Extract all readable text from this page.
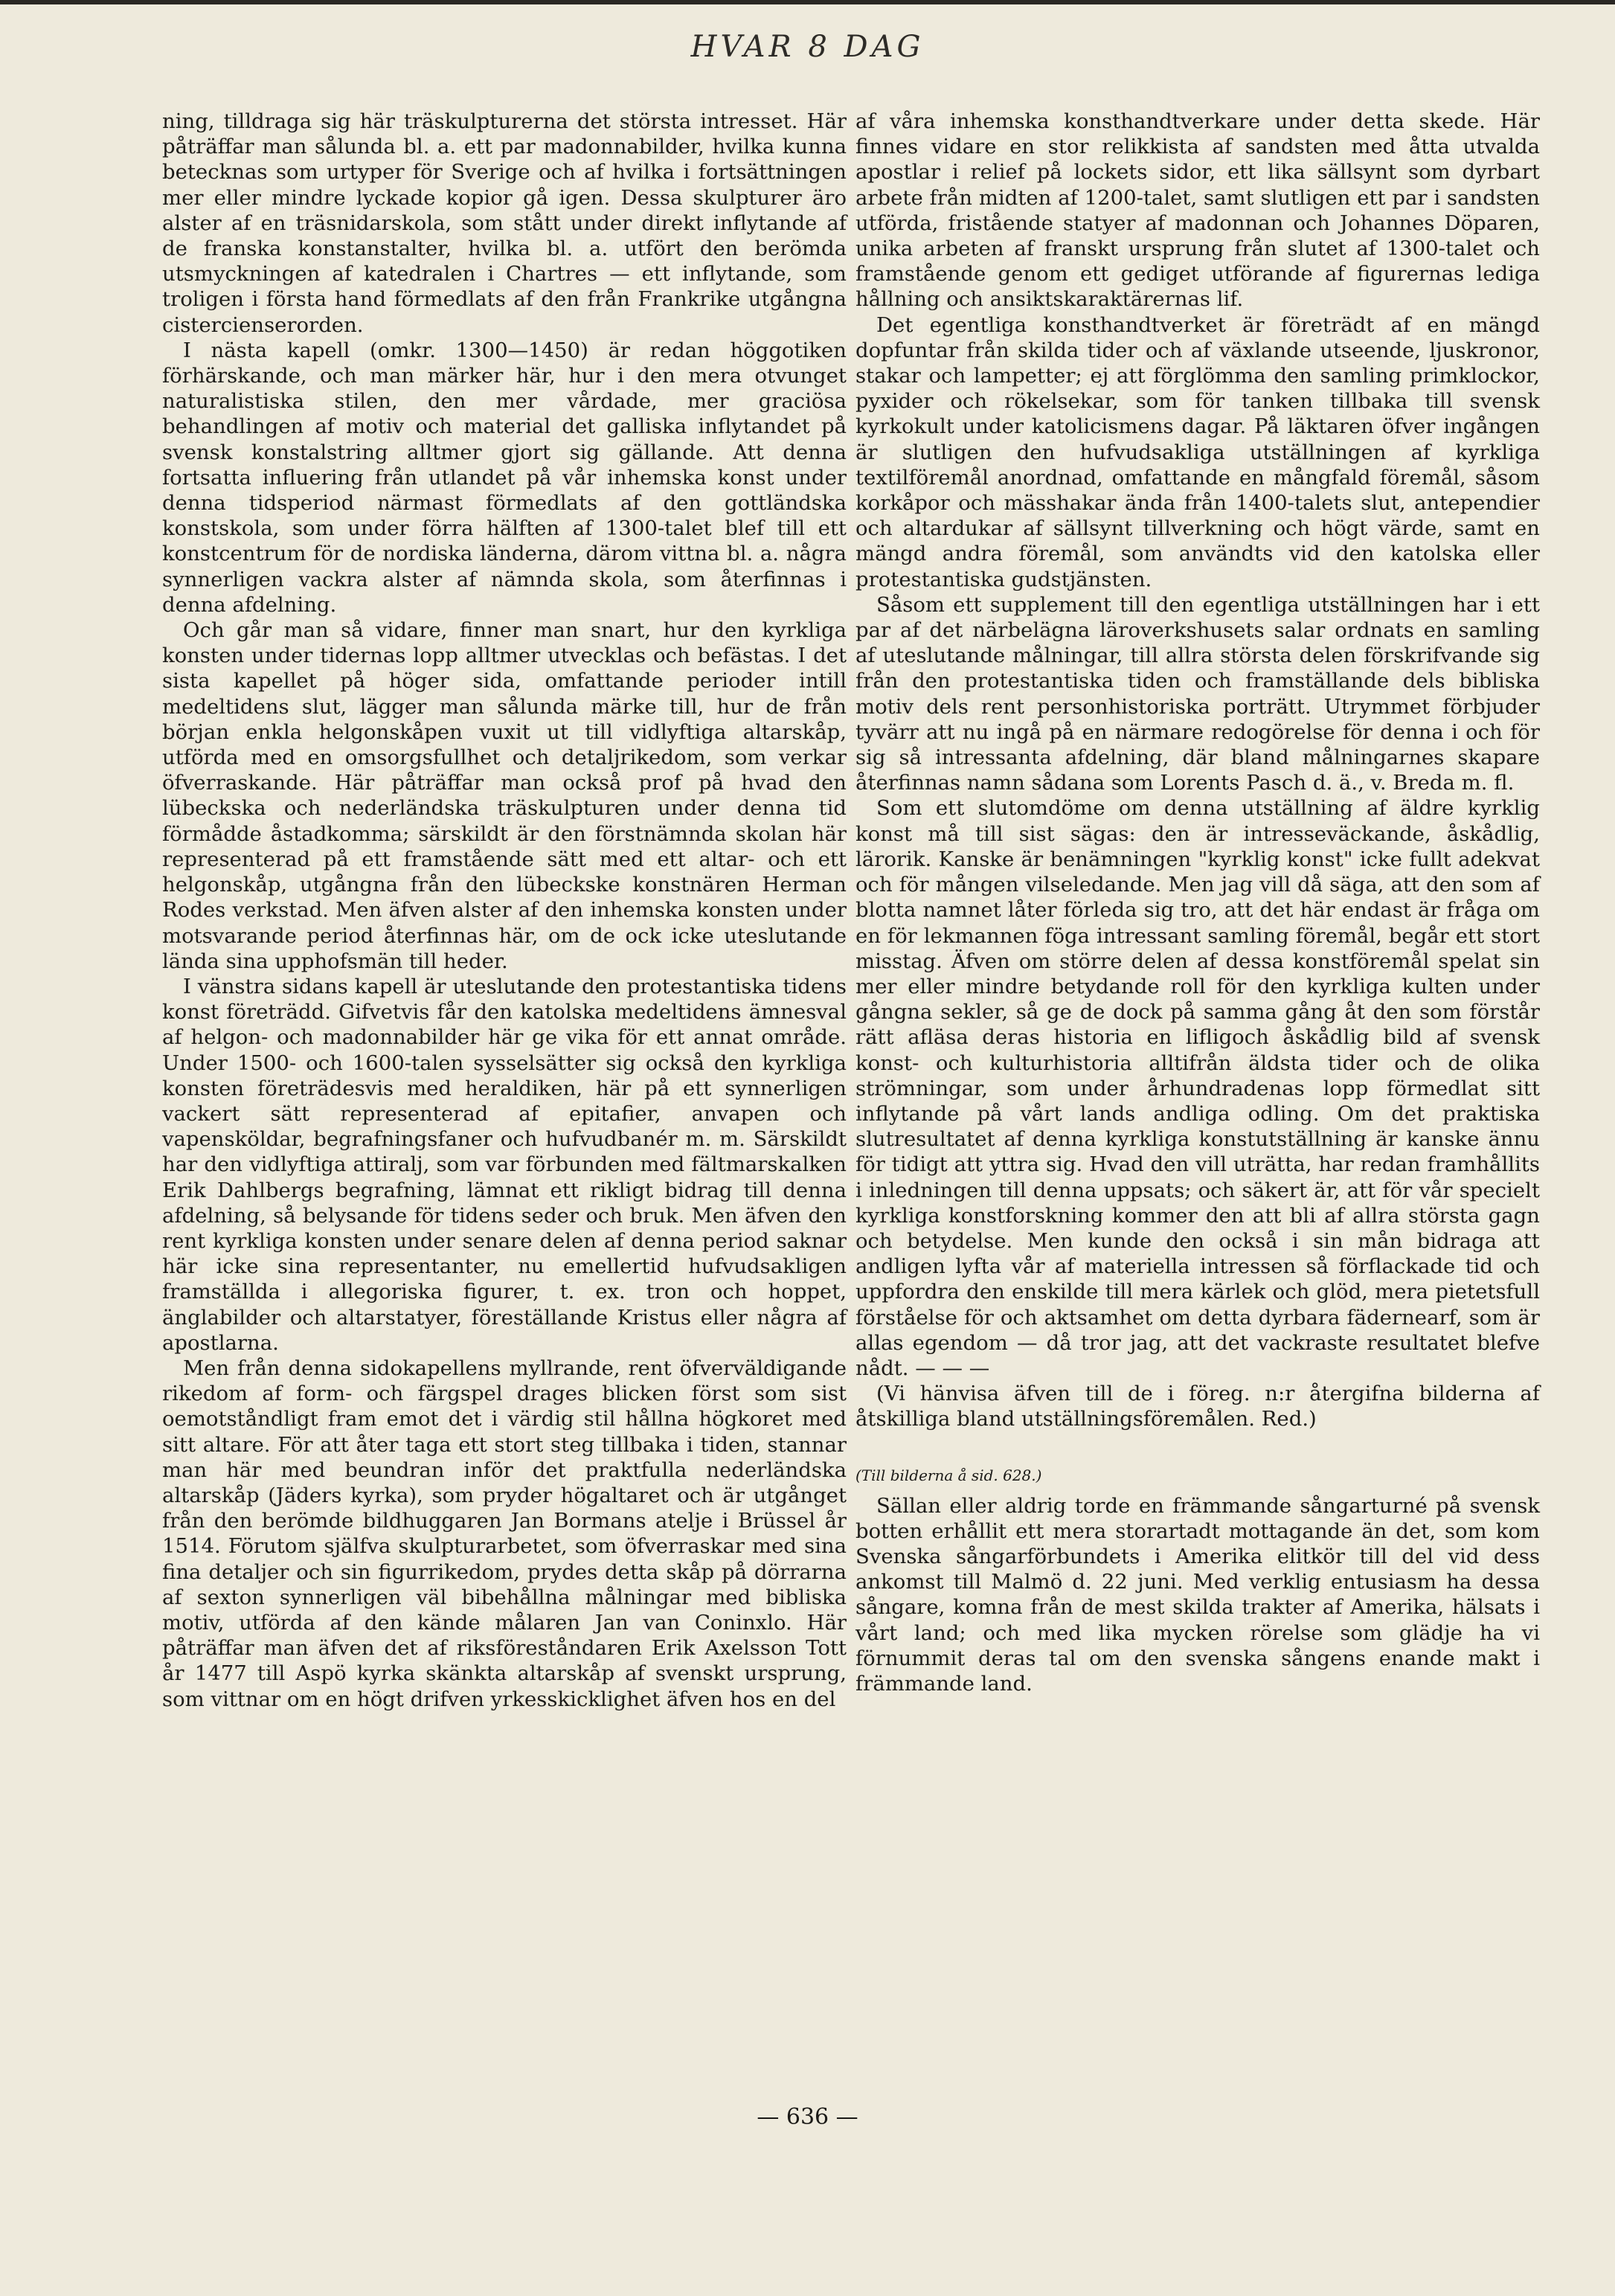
HVAR 8 DAG

ning, tilldraga sig här träskulpturerna det största intresset. Här påträffar man sålunda bl. a. ett par madonnabilder, hvilka kunna betecknas som urtyper för Sverige och af hvilka i fortsättningen mer eller mindre lyckade kopior gå igen. Dessa skulpturer äro alster af en träsnidarskola, som stått under direkt inflytande af de franska konstanstalter, hvilka bl. a. utfört den berömda utsmyckningen af katedralen i Chartres — ett inflytande, som troligen i första hand förmedlats af den från Frankrike utgångna cistercienserorden.

I nästa kapell (omkr. 1300—1450) är redan höggotiken förhärskande, och man märker här, hur i den mera otvunget naturalistiska stilen, den mer vårdade, mer graciösa behandlingen af motiv och material det galliska inflytandet på svensk konstalstring alltmer gjort sig gällande. Att denna fortsatta influering från utlandet på vår inhemska konst under denna tidsperiod närmast förmedlats af den gottländska konstskola, som under förra hälften af 1300-talet blef till ett konstcentrum för de nordiska länderna, därom vittna bl. a. några synnerligen vackra alster af nämnda skola, som återfinnas i denna afdelning.

Och går man så vidare, finner man snart, hur den kyrkliga konsten under tidernas lopp alltmer utvecklas och befästas. I det sista kapellet på höger sida, omfattande perioder intill medeltidens slut, lägger man sålunda märke till, hur de från början enkla helgonskåpen vuxit ut till vidlyftiga altarskåp, utförda med en omsorgsfullhet och detaljrikedom, som verkar öfverraskande. Här påträffar man också prof på hvad den lübeckska och nederländska träskulpturen under denna tid förmådde åstadkomma; särskildt är den förstnämnda skolan här representerad på ett framstående sätt med ett altar- och ett helgonskåp, utgångna från den lübeckske konstnären Herman Rodes verkstad. Men äfven alster af den inhemska konsten under motsvarande period återfinnas här, om de ock icke uteslutande lända sina upphofsmän till heder.

I vänstra sidans kapell är uteslutande den protestantiska tidens konst företrädd. Gifvetvis får den katolska medeltidens ämnesval af helgon- och madonnabilder här ge vika för ett annat område. Under 1500- och 1600-talen sysselsätter sig också den kyrkliga konsten företrädesvis med heraldiken, här på ett synnerligen vackert sätt representerad af epitafier, anvapen och vapensköldar, begrafningsfaner och hufvudbanér m. m. Särskildt har den vidlyftiga attiralj, som var förbunden med fältmarskalken Erik Dahlbergs begrafning, lämnat ett rikligt bidrag till denna afdelning, så belysande för tidens seder och bruk. Men äfven den rent kyrkliga konsten under senare delen af denna period saknar här icke sina representanter, nu emellertid hufvudsakligen framställda i allegoriska figurer, t. ex. tron och hoppet, änglabilder och altarstatyer, föreställande Kristus eller några af apostlarna.

Men från denna sidokapellens myllrande, rent öfverväldigande rikedom af form- och färgspel drages blicken först som sist oemotståndligt fram emot det i värdig stil hållna högkoret med sitt altare. För att åter taga ett stort steg tillbaka i tiden, stannar man här med beundran inför det praktfulla nederländska altarskåp (Jäders kyrka), som pryder högaltaret och är utgånget från den berömde bildhuggaren Jan Bormans atelje i Brüssel år 1514. Förutom själfva skulpturarbetet, som öfverraskar med sina fina detaljer och sin figurrikedom, prydes detta skåp på dörrarna af sexton synnerligen väl bibehållna målningar med bibliska motiv, utförda af den kände målaren Jan van Coninxlo. Här påträffar man äfven det af riksföreståndaren Erik Axelsson Tott år 1477 till Aspö kyrka skänkta altarskåp af svenskt ursprung, som vittnar om en högt drifven yrkesskicklighet äfven hos en del

af våra inhemska konsthandtverkare under detta skede. Här finnes vidare en stor relikkista af sandsten med åtta utvalda apostlar i relief på lockets sidor, ett lika sällsynt som dyrbart arbete från midten af 1200-talet, samt slutligen ett par i sandsten utförda, fristående statyer af madonnan och Johannes Döparen, unika arbeten af franskt ursprung från slutet af 1300-talet och framstående genom ett gediget utförande af figurernas lediga hållning och ansiktskaraktärernas lif.

Det egentliga konsthandtverket är företrädt af en mängd dopfuntar från skilda tider och af växlande utseende, ljuskronor, stakar och lampetter; ej att förglömma den samling primklockor, pyxider och rökelsekar, som för tanken tillbaka till svensk kyrkokult under katolicismens dagar. På läktaren öfver ingången är slutligen den hufvudsakliga utställningen af kyrkliga textilföremål anordnad, omfattande en mångfald föremål, såsom korkåpor och mässhakar ända från 1400-talets slut, antependier och altardukar af sällsynt tillverkning och högt värde, samt en mängd andra föremål, som användts vid den katolska eller protestantiska gudstjänsten.

Såsom ett supplement till den egentliga utställningen har i ett par af det närbelägna läroverkshusets salar ordnats en samling af uteslutande målningar, till allra största delen förskrifvande sig från den protestantiska tiden och framställande dels bibliska motiv dels rent personhistoriska porträtt. Utrymmet förbjuder tyvärr att nu ingå på en närmare redogörelse för denna i och för sig så intressanta afdelning, där bland målningarnes skapare återfinnas namn sådana som Lorents Pasch d. ä., v. Breda m. fl.

Som ett slutomdöme om denna utställning af äldre kyrklig konst må till sist sägas: den är intresseväckande, åskådlig, lärorik. Kanske är benämningen "kyrklig konst" icke fullt adekvat och för mången vilseledande. Men jag vill då säga, att den som af blotta namnet låter förleda sig tro, att det här endast är fråga om en för lekmannen föga intressant samling föremål, begår ett stort misstag. Äfven om större delen af dessa konstföremål spelat sin mer eller mindre betydande roll för den kyrkliga kulten under gångna sekler, så ge de dock på samma gång åt den som förstår rätt afläsa deras historia en lifligoch åskådlig bild af svensk konst- och kulturhistoria alltifrån äldsta tider och de olika strömningar, som under århundradenas lopp förmedlat sitt inflytande på vårt lands andliga odling. Om det praktiska slutresultatet af denna kyrkliga konstutställning är kanske ännu för tidigt att yttra sig. Hvad den vill uträtta, har redan framhållits i inledningen till denna uppsats; och säkert är, att för vår specielt kyrkliga konstforskning kommer den att bli af allra största gagn och betydelse. Men kunde den också i sin mån bidraga att andligen lyfta vår af materiella intressen så förflackade tid och uppfordra den enskilde till mera kärlek och glöd, mera pietetsfull förståelse för och aktsamhet om detta dyrbara fädernearf, som är allas egendom — då tror jag, att det vackraste resultatet blefve nådt. — — —

(Vi hänvisa äfven till de i föreg. n:r återgifna bilderna af åtskilliga bland utställningsföremålen. Red.)

(Till bilderna å sid. 628.)

Sällan eller aldrig torde en främmande sångarturné på svensk botten erhållit ett mera storartadt mottagande än det, som kom Svenska sångarförbundets i Amerika elitkör till del vid dess ankomst till Malmö d. 22 juni. Med verklig entusiasm ha dessa sångare, komna från de mest skilda trakter af Amerika, hälsats i vårt land; och med lika mycken rörelse som glädje ha vi förnummit deras tal om den svenska sångens enande makt i främmande land.

— 636 —
